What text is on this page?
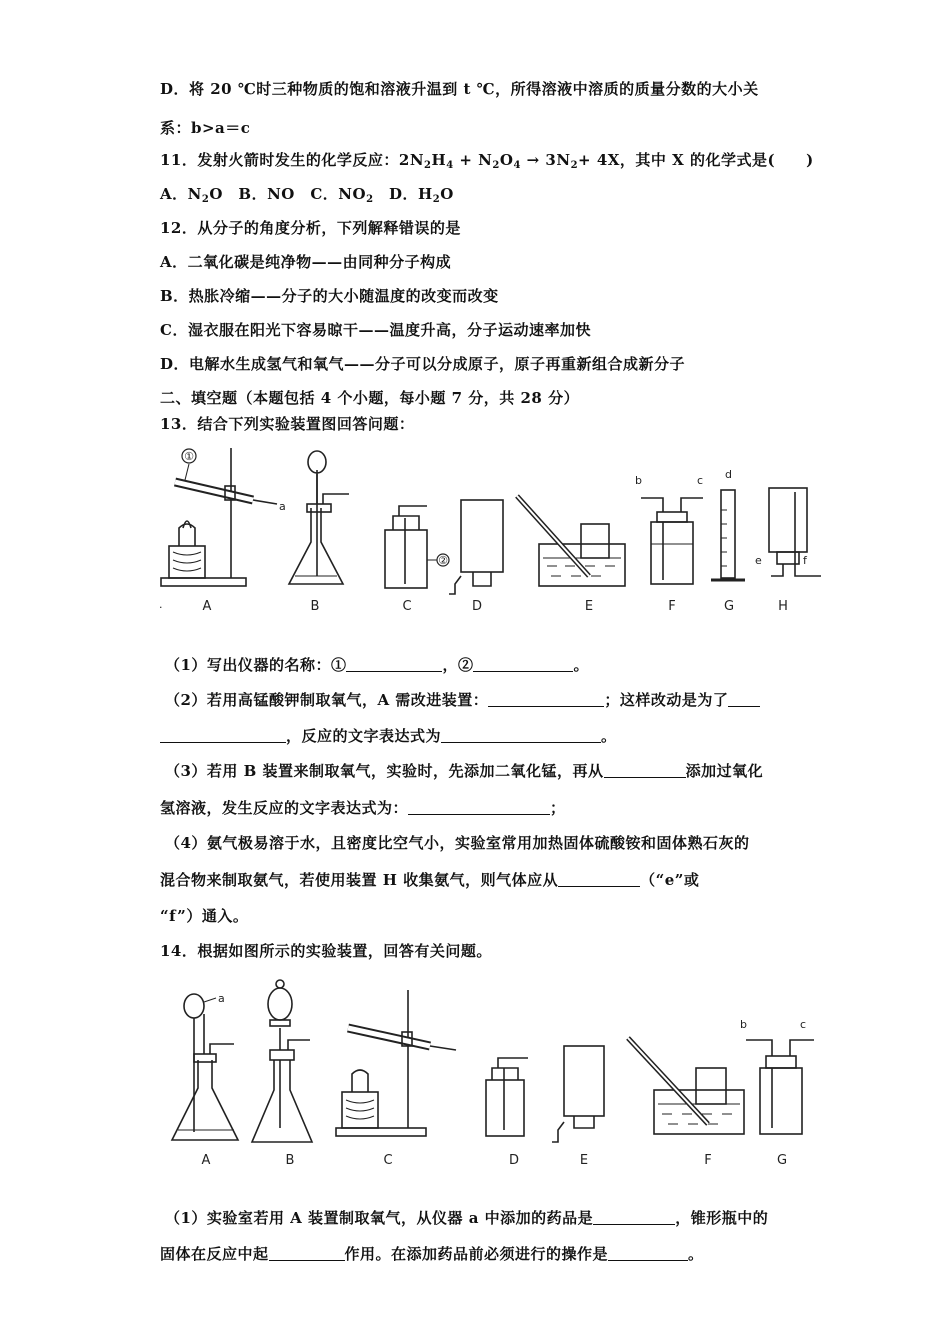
D．将 20 ℃时三种物质的饱和溶液升温到 t ℃，所得溶液中溶质的质量分数的大小关
系：b>a＝c
11．发射火箭时发生的化学反应：$2N_2H_4 + N_2O_4 \to 3N_2+ 4X$，其中 X 的化学式是(　　)
A．$N_2O$　B．NO　C．$NO_2$　D．$H_2O$
12．从分子的角度分析，下列解释错误的是
A．二氧化碳是纯净物——由同种分子构成
B．热胀冷缩——分子的大小随温度的改变而改变
C．湿衣服在阳光下容易晾干——温度升高，分子运动速率加快
D．电解水生成氢气和氧气——分子可以分成原子，原子再重新组合成新分子
二、填空题（本题包括 4 个小题，每小题 7 分，共 28 分）
13．结合下列实验装置图回答问题：
①
a
②
b	c d
e	f
.	A	B	C	D	E	F	G	H
（1）写出仪器的名称：①	，②	。
（2）若用高锰酸钾制取氧气，A 需改进装置：	；这样改动是为了
，反应的文字表达式为	。
（3）若用 B 装置来制取氧气，实验时，先添加二氧化锰，再从	添加过氧化
氢溶液，发生反应的文字表达式为：	；
（4）氨气极易溶于水，且密度比空气小，实验室常用加热固体硫酸铵和固体熟石灰的
混合物来制取氨气，若使用装置 H 收集氨气，则气体应从	（“e”或
“f”）通入。
14．根据如图所示的实验装置，回答有关问题。
a
b	c
A	B	C	D	E	F	G
（1）实验室若用 A 装置制取氧气，从仪器 a 中添加的药品是	，锥形瓶中的
固体在反应中起	作用。在添加药品前必须进行的操作是	。
